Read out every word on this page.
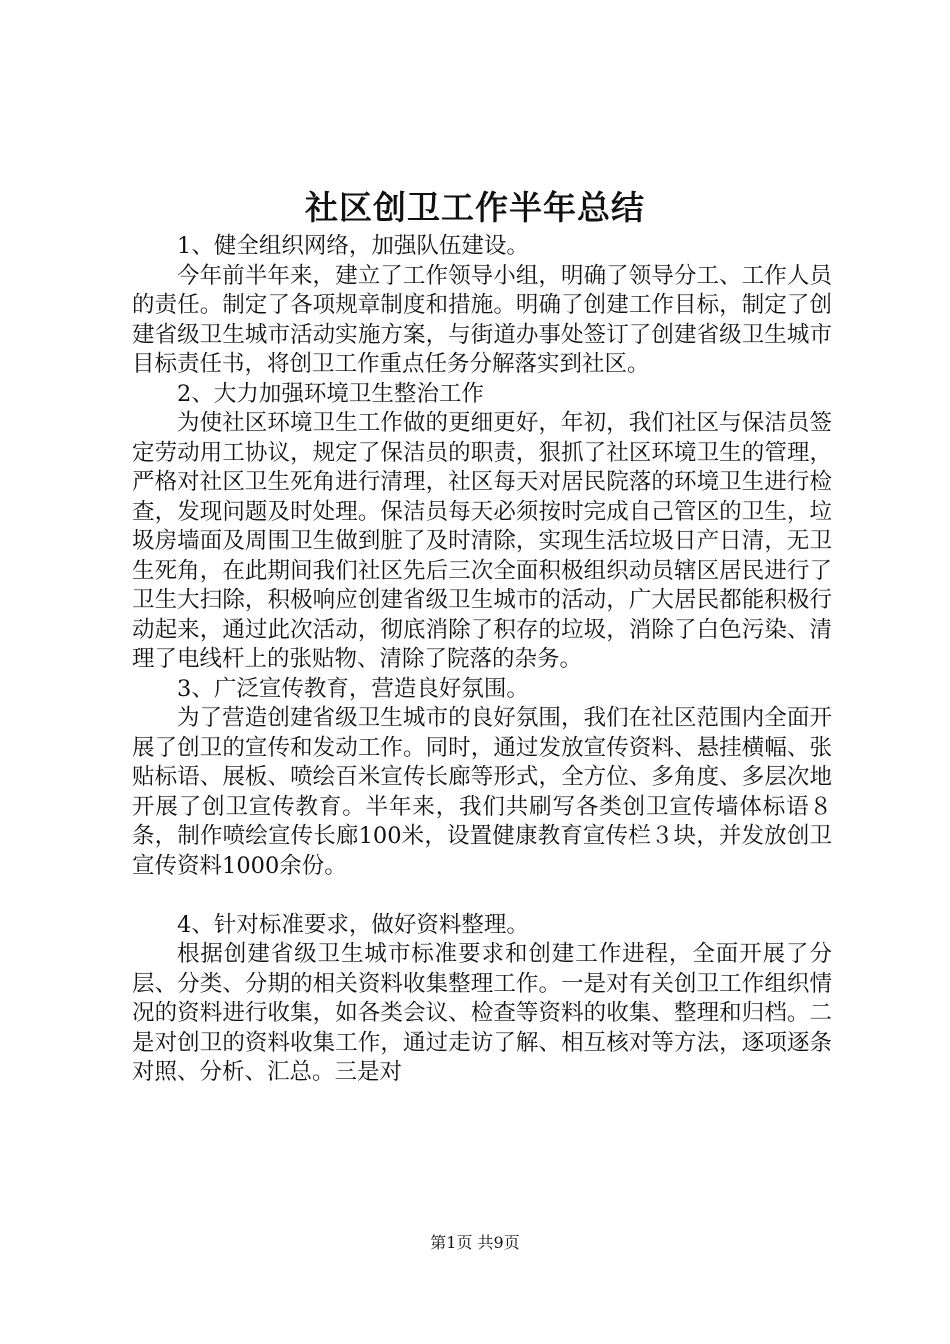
社区创卫工作半年总结

1、健全组织网络，加强队伍建设。

今年前半年来，建立了工作领导小组，明确了领导分工、工作人员的责任。制定了各项规章制度和措施。明确了创建工作目标，制定了创建省级卫生城市活动实施方案，与街道办事处签订了创建省级卫生城市目标责任书，将创卫工作重点任务分解落实到社区。

2、大力加强环境卫生整治工作

为使社区环境卫生工作做的更细更好，年初，我们社区与保洁员签定劳动用工协议，规定了保洁员的职责，狠抓了社区环境卫生的管理，严格对社区卫生死角进行清理，社区每天对居民院落的环境卫生进行检查，发现问题及时处理。保洁员每天必须按时完成自己管区的卫生，垃圾房墙面及周围卫生做到脏了及时清除，实现生活垃圾日产日清，无卫生死角，在此期间我们社区先后三次全面积极组织动员辖区居民进行了卫生大扫除，积极响应创建省级卫生城市的活动，广大居民都能积极行动起来，通过此次活动，彻底消除了积存的垃圾，消除了白色污染、清理了电线杆上的张贴物、清除了院落的杂务。

3、广泛宣传教育，营造良好氛围。

为了营造创建省级卫生城市的良好氛围，我们在社区范围内全面开展了创卫的宣传和发动工作。同时，通过发放宣传资料、悬挂横幅、张贴标语、展板、喷绘百米宣传长廊等形式，全方位、多角度、多层次地开展了创卫宣传教育。半年来，我们共刷写各类创卫宣传墙体标语８条，制作喷绘宣传长廊100米，设置健康教育宣传栏３块，并发放创卫宣传资料1000余份。

4、针对标准要求，做好资料整理。

根据创建省级卫生城市标准要求和创建工作进程，全面开展了分层、分类、分期的相关资料收集整理工作。一是对有关创卫工作组织情况的资料进行收集，如各类会议、检查等资料的收集、整理和归档。二是对创卫的资料收集工作，通过走访了解、相互核对等方法，逐项逐条对照、分析、汇总。三是对

第1页 共9页
